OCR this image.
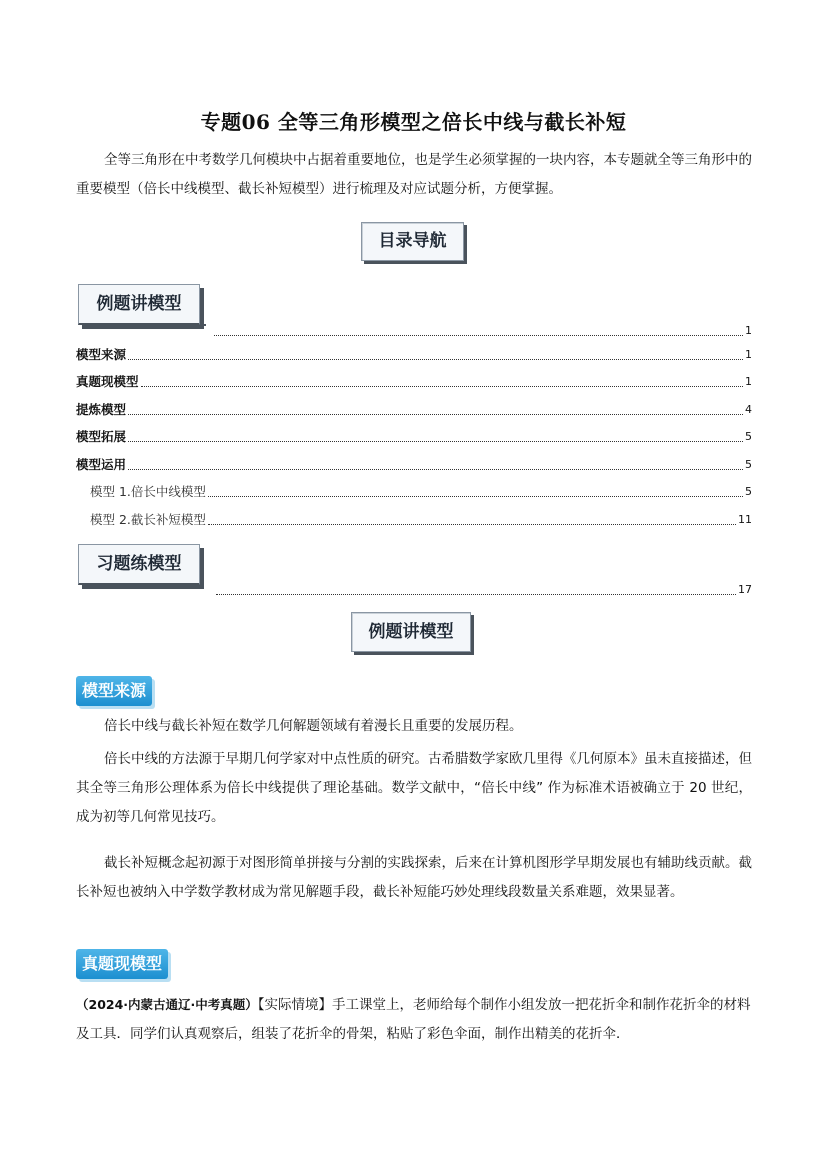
专题06 全等三角形模型之倍长中线与截长补短

全等三角形在中考数学几何模块中占据着重要地位，也是学生必须掌握的一块内容，本专题就全等三角形中的重要模型（倍长中线模型、截长补短模型）进行梳理及对应试题分析，方便掌握。

目录导航
例题讲模型
1
模型来源	1
真题现模型	1
提炼模型	4
模型拓展	5
模型运用	5
模型 1.倍长中线模型	5
模型 2.截长补短模型	11
习题练模型
17
例题讲模型
模型来源

倍长中线与截长补短在数学几何解题领域有着漫长且重要的发展历程。

倍长中线的方法源于早期几何学家对中点性质的研究。古希腊数学家欧几里得《几何原本》虽未直接描述，但其全等三角形公理体系为倍长中线提供了理论基础。数学文献中，“倍长中线” 作为标准术语被确立于 20 世纪，成为初等几何常见技巧。

截长补短概念起初源于对图形简单拼接与分割的实践探索，后来在计算机图形学早期发展也有辅助线贡献。截长补短也被纳入中学数学教材成为常见解题手段，截长补短能巧妙处理线段数量关系难题，效果显著。

真题现模型

（2024·内蒙古通辽·中考真题）【实际情境】手工课堂上，老师给每个制作小组发放一把花折伞和制作花折伞的材料及工具．同学们认真观察后，组装了花折伞的骨架，粘贴了彩色伞面，制作出精美的花折伞．
